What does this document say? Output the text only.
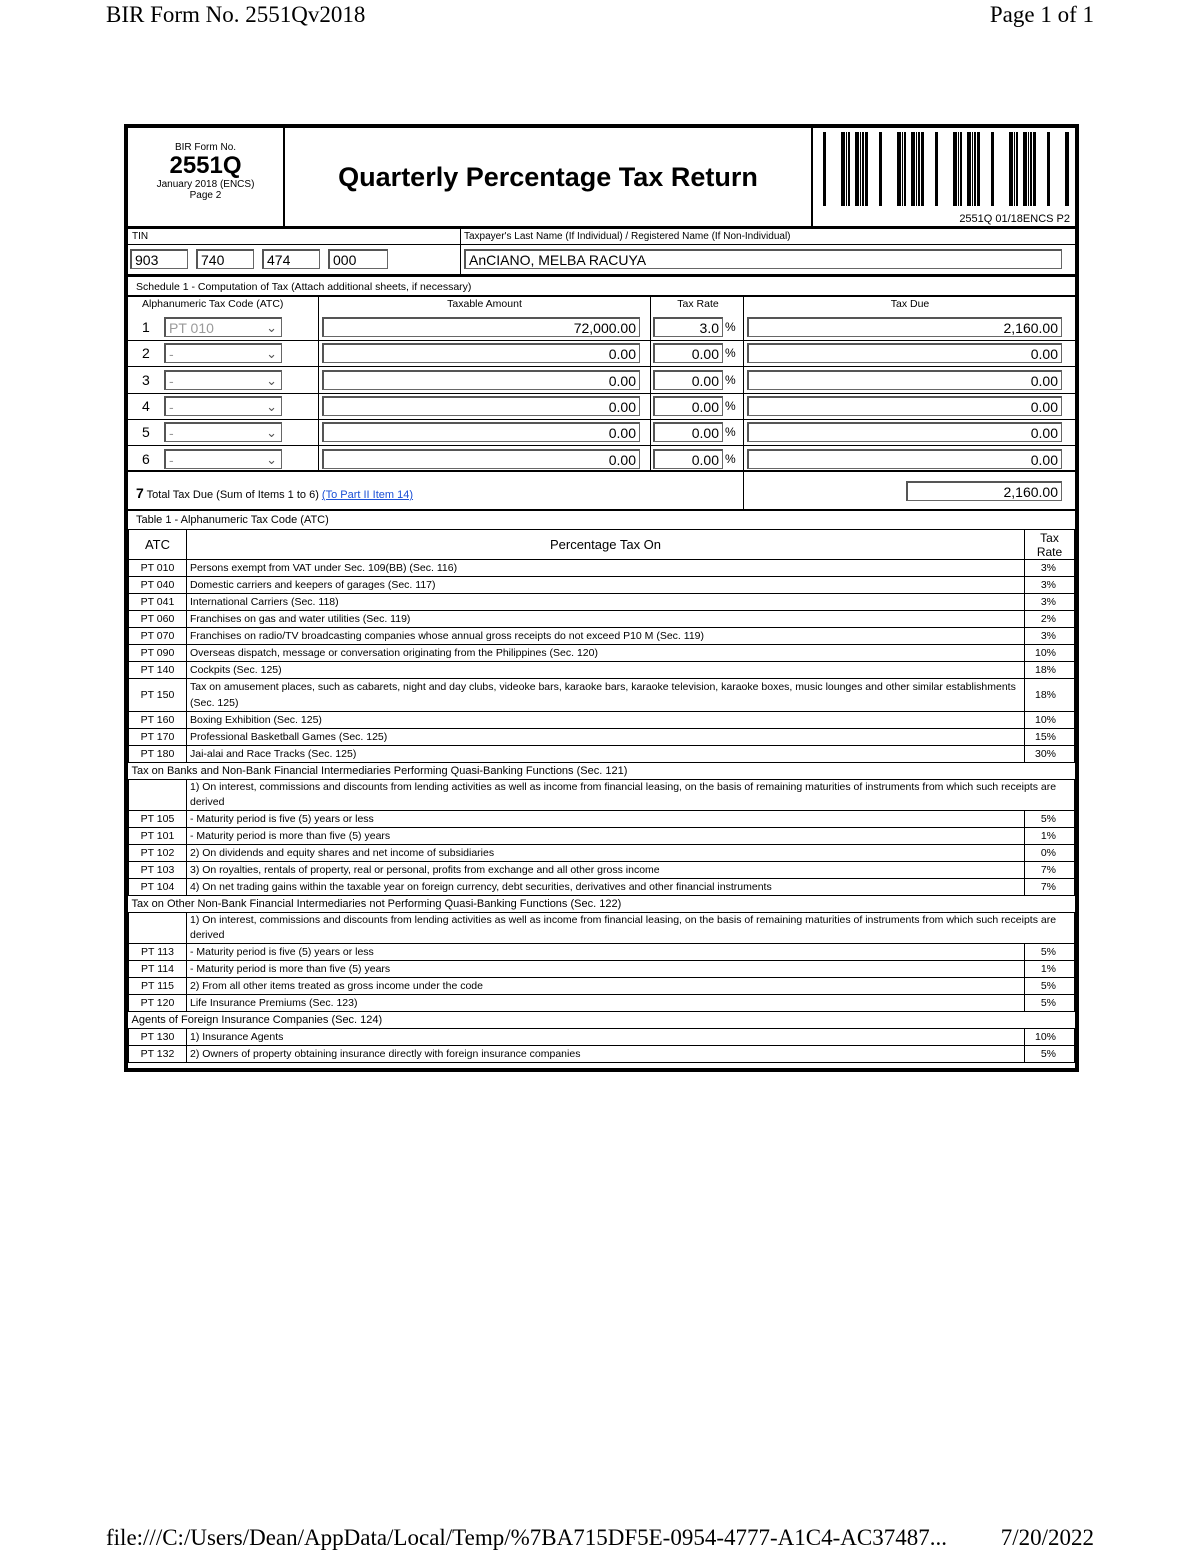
BIR Form No. 2551Qv2018	Page 1 of 1
BIR Form No.
2551Q
January 2018 (ENCS)
Page 2
Quarterly Percentage Tax Return
2551Q 01/18ENCS P2
TIN	Taxpayer's Last Name (If Individual) / Registered Name (If Non-Individual)
903	740	474	000	AnCIANO, MELBA RACUYA
Schedule 1 - Computation of Tax (Attach additional sheets, if necessary)
Alphanumeric Tax Code (ATC)	Taxable Amount	Tax Rate	Tax Due
1	PT 010	⌄	72,000.00	3.0 %	2,160.00
2	-	⌄	0.00	0.00 %	0.00
3	-	⌄	0.00	0.00 %	0.00
4	-	⌄	0.00	0.00 %	0.00
5	-	⌄	0.00	0.00 %	0.00
6	-	⌄	0.00	0.00 %	0.00
7 Total Tax Due (Sum of Items 1 to 6) (To Part II Item 14)	2,160.00
Table 1 - Alphanumeric Tax Code (ATC)
ATC	Percentage Tax On	Tax Rate
PT 010	Persons exempt from VAT under Sec. 109(BB) (Sec. 116)	3%
PT 040	Domestic carriers and keepers of garages (Sec. 117)	3%
PT 041	International Carriers (Sec. 118)	3%
PT 060	Franchises on gas and water utilities (Sec. 119)	2%
PT 070	Franchises on radio/TV broadcasting companies whose annual gross receipts do not exceed P10 M (Sec. 119)	3%
PT 090	Overseas dispatch, message or conversation originating from the Philippines (Sec. 120)	10%
PT 140	Cockpits (Sec. 125)	18%
PT 150	Tax on amusement places, such as cabarets, night and day clubs, videoke bars, karaoke bars, karaoke television, karaoke boxes, music lounges and other similar establishments (Sec. 125)	18%
PT 160	Boxing Exhibition (Sec. 125)	10%
PT 170	Professional Basketball Games (Sec. 125)	15%
PT 180	Jai-alai and Race Tracks (Sec. 125)	30%
Tax on Banks and Non-Bank Financial Intermediaries Performing Quasi-Banking Functions (Sec. 121)		
	1) On interest, commissions and discounts from lending activities as well as income from financial leasing, on the basis of remaining maturities of instruments from which such receipts are derived	
PT 105	- Maturity period is five (5) years or less	5%
PT 101	- Maturity period is more than five (5) years	1%
PT 102	2) On dividends and equity shares and net income of subsidiaries	0%
PT 103	3) On royalties, rentals of property, real or personal, profits from exchange and all other gross income	7%
PT 104	4) On net trading gains within the taxable year on foreign currency, debt securities, derivatives and other financial instruments	7%
Tax on Other Non-Bank Financial Intermediaries not Performing Quasi-Banking Functions (Sec. 122)		
	1) On interest, commissions and discounts from lending activities as well as income from financial leasing, on the basis of remaining maturities of instruments from which such receipts are derived	
PT 113	- Maturity period is five (5) years or less	5%
PT 114	- Maturity period is more than five (5) years	1%
PT 115	2) From all other items treated as gross income under the code	5%
PT 120	Life Insurance Premiums (Sec. 123)	5%
Agents of Foreign Insurance Companies (Sec. 124)		
PT 130	1) Insurance Agents	10%
PT 132	2) Owners of property obtaining insurance directly with foreign insurance companies	5%
file:///C:/Users/Dean/AppData/Local/Temp/%7BA715DF5E-0954-4777-A1C4-AC37487... 7/20/2022
